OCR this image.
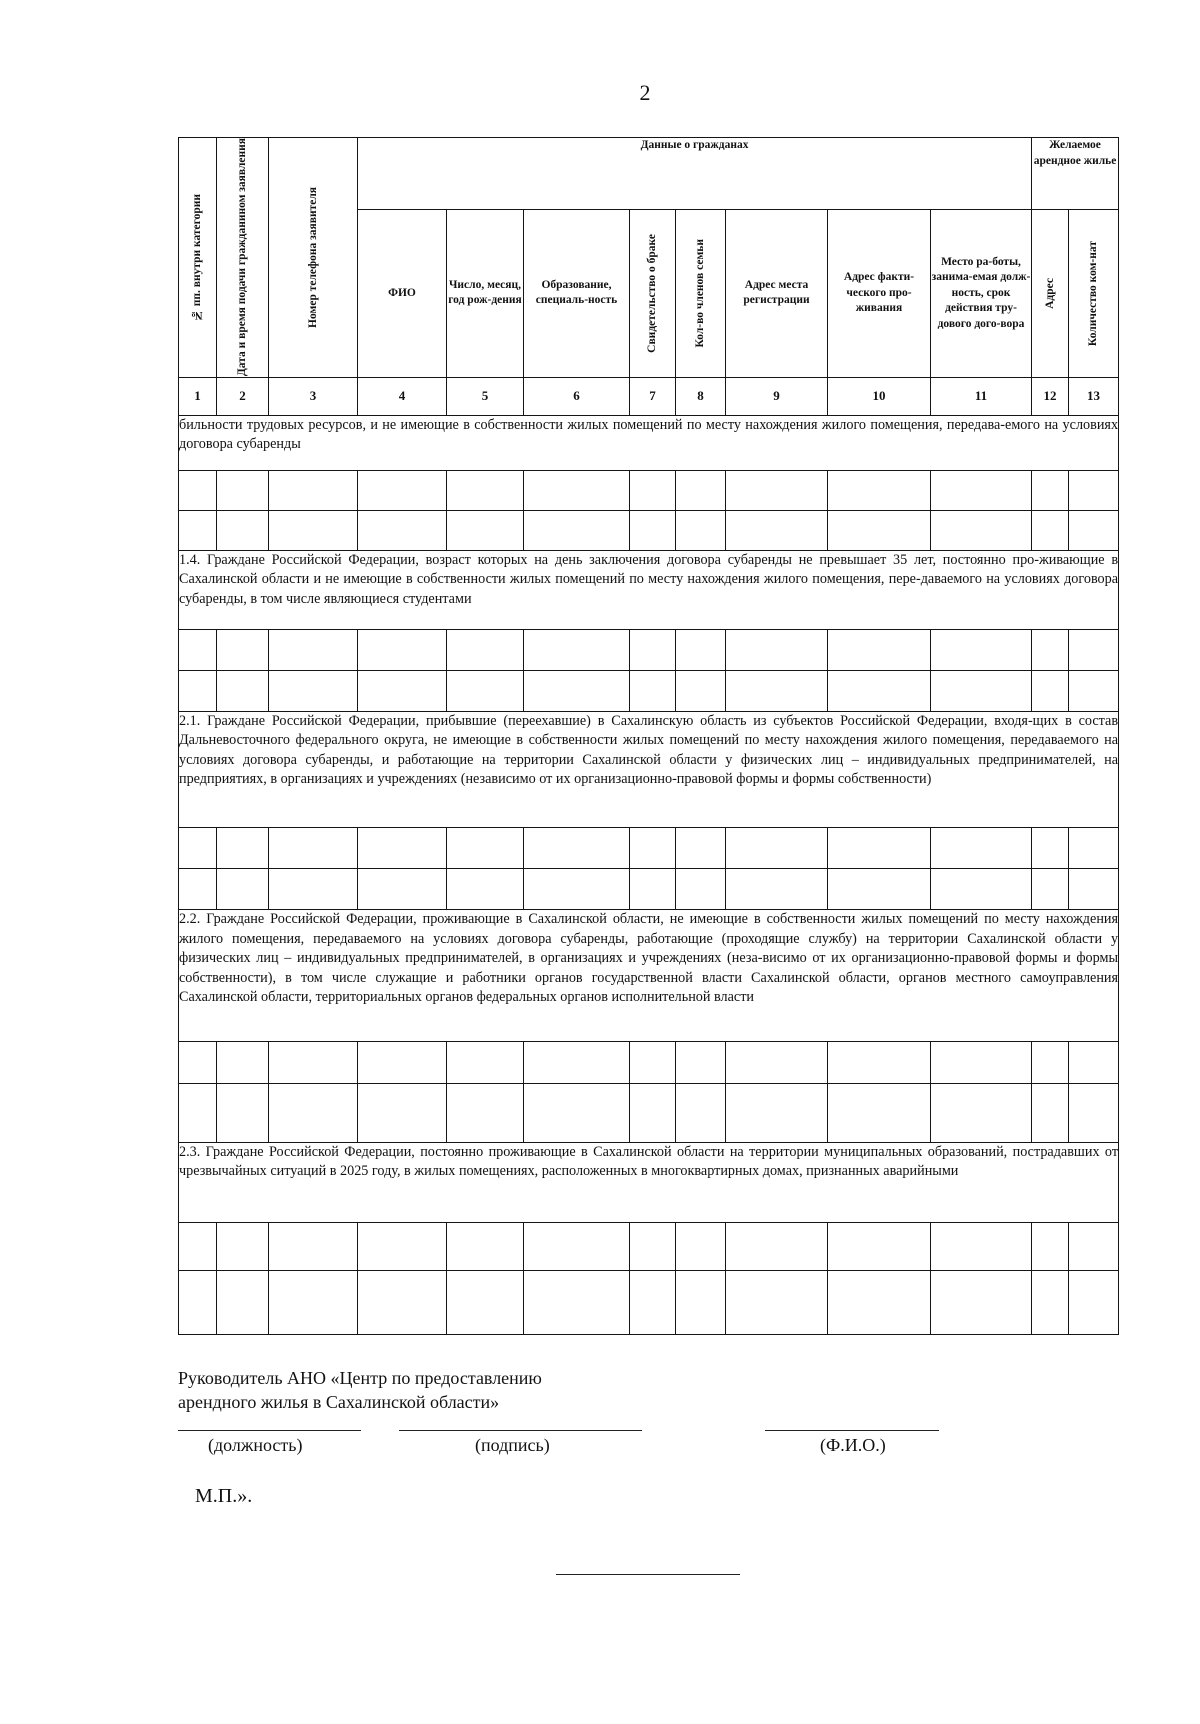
2
№ пп. внутри категории	Дата и время подачи гражданином заявления	Номер телефона заявителя	Данные о гражданах								Желаемое арендное жилье	
			ФИО	Число, месяц, год рож-дения	Образование, специаль-ность	Свидетельство о браке	Кол-во членов семьи	Адрес места регистрации	Адрес факти-ческого про-живания	Место ра-боты, занима-емая долж-ность, срок действия тру-дового дого-вора	Адрес	Количество ком-нат

1	2	3	4	5	6	7	8	9	10	11	12	13
бильности трудовых ресурсов, и не имеющие в собственности жилых помещений по месту нахождения жилого помещения, передава-емого на условиях договора субаренды												

1.4. Граждане Российской Федерации, возраст которых на день заключения договора субаренды не превышает 35 лет, постоянно про-живающие в Сахалинской области и не имеющие в собственности жилых помещений по месту нахождения жилого помещения, пере-даваемого на условиях договора субаренды, в том числе являющиеся студентами												

2.1. Граждане Российской Федерации, прибывшие (переехавшие) в Сахалинскую область из субъектов Российской Федерации, входя-щих в состав Дальневосточного федерального округа, не имеющие в собственности жилых помещений по месту нахождения жилого помещения, передаваемого на условиях договора субаренды, и работающие на территории Сахалинской области у физических лиц – индивидуальных предпринимателей, на предприятиях, в организациях и учреждениях (независимо от их организационно-правовой формы и формы собственности)												

2.2. Граждане Российской Федерации, проживающие в Сахалинской области, не имеющие в собственности жилых помещений по месту нахождения жилого помещения, передаваемого на условиях договора субаренды, работающие (проходящие службу) на территории Сахалинской области у физических лиц – индивидуальных предпринимателей, в организациях и учреждениях (неза-висимо от их организационно-правовой формы и формы собственности), в том числе служащие и работники органов государственной власти Сахалинской области, органов местного самоуправления Сахалинской области, территориальных органов федеральных органов исполнительной власти												

2.3. Граждане Российской Федерации, постоянно проживающие в Сахалинской области на территории муниципальных образований, пострадавших от чрезвычайных ситуаций в 2025 году, в жилых помещениях, расположенных в многоквартирных домах, признанных аварийными												

Руководитель АНО «Центр по предоставлению
арендного жилья в Сахалинской области»
(должность)	(подпись)	(Ф.И.О.)
М.П.».
